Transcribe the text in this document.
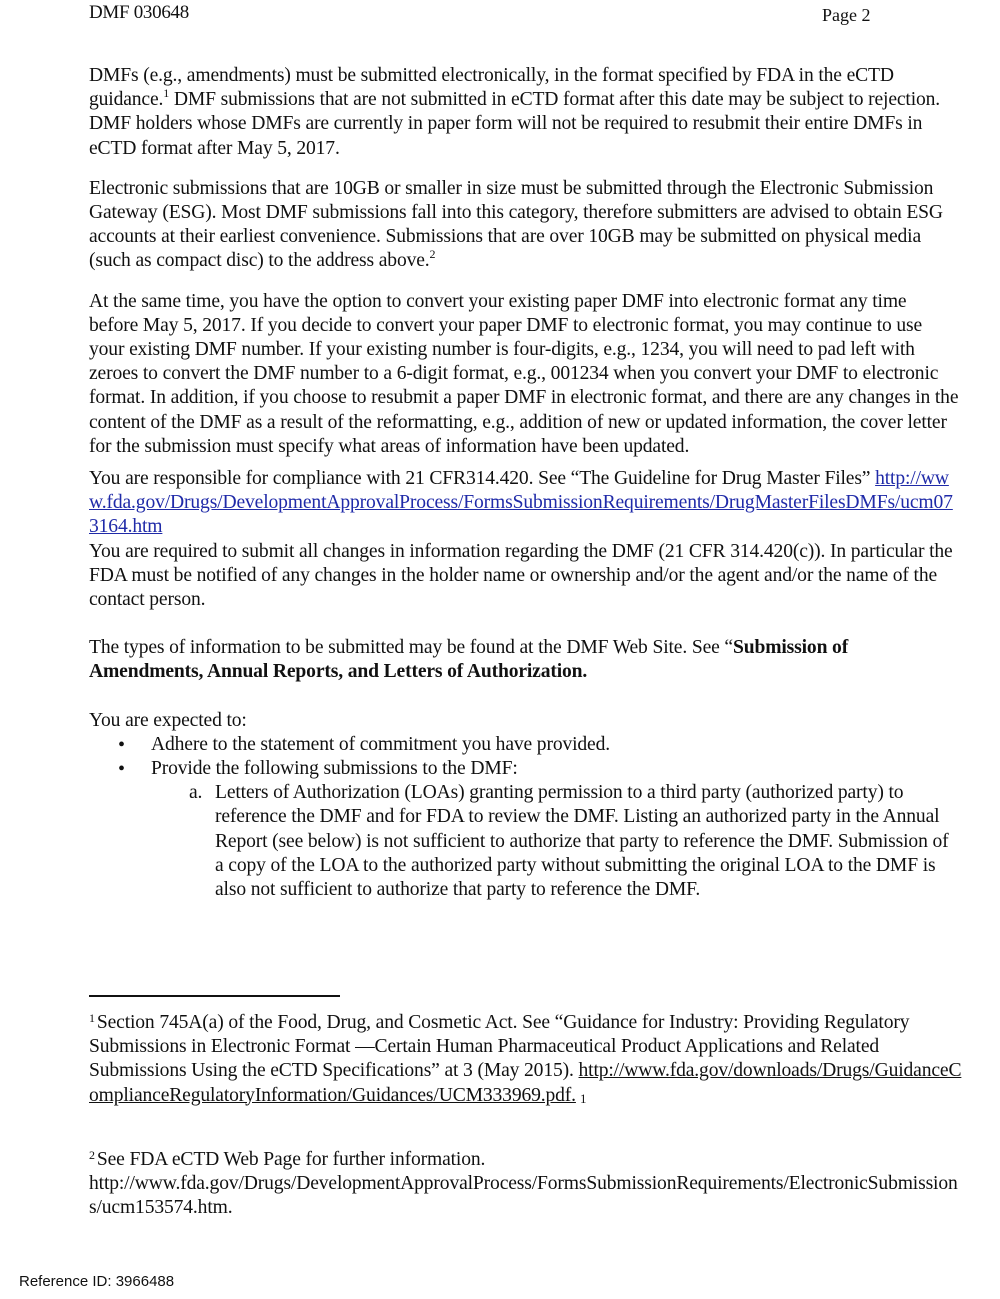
DMF 030648	Page 2

DMFs (e.g., amendments) must be submitted electronically, in the format specified by FDA in the eCTD guidance.$^1$ DMF submissions that are not submitted in eCTD format after this date may be subject to rejection. DMF holders whose DMFs are currently in paper form will not be required to resubmit their entire DMFs in eCTD format after May 5, 2017.

Electronic submissions that are 10GB or smaller in size must be submitted through the Electronic Submission Gateway (ESG). Most DMF submissions fall into this category, therefore submitters are advised to obtain ESG accounts at their earliest convenience. Submissions that are over 10GB may be submitted on physical media (such as compact disc) to the address above.$^2$

At the same time, you have the option to convert your existing paper DMF into electronic format any time before May 5, 2017. If you decide to convert your paper DMF to electronic format, you may continue to use your existing DMF number. If your existing number is four-digits, e.g., 1234, you will need to pad left with zeroes to convert the DMF number to a 6-digit format, e.g., 001234 when you convert your DMF to electronic format. In addition, if you choose to resubmit a paper DMF in electronic format, and there are any changes in the content of the DMF as a result of the reformatting, e.g., addition of new or updated information, the cover letter for the submission must specify what areas of information have been updated.

You are responsible for compliance with 21 CFR314.420. See “The Guideline for Drug Master Files” http://www.fda.gov/Drugs/DevelopmentApprovalProcess/FormsSubmissionRequirements/DrugMasterFilesDMFs/ucm073164.htm

You are required to submit all changes in information regarding the DMF (21 CFR 314.420(c)). In particular the FDA must be notified of any changes in the holder name or ownership and/or the agent and/or the name of the contact person.

The types of information to be submitted may be found at the DMF Web Site. See “Submission of Amendments, Annual Reports, and Letters of Authorization.

You are expected to:

• Adhere to the statement of commitment you have provided.
• Provide the following submissions to the DMF:
a. Letters of Authorization (LOAs) granting permission to a third party (authorized party) to reference the DMF and for FDA to review the DMF. Listing an authorized party in the Annual Report (see below) is not sufficient to authorize that party to reference the DMF. Submission of a copy of the LOA to the authorized party without submitting the original LOA to the DMF is also not sufficient to authorize that party to reference the DMF.

$^1$ Section 745A(a) of the Food, Drug, and Cosmetic Act. See “Guidance for Industry: Providing Regulatory Submissions in Electronic Format —Certain Human Pharmaceutical Product Applications and Related Submissions Using the eCTD Specifications” at 3 (May 2015). http://www.fda.gov/downloads/Drugs/GuidanceComplianceRegulatoryInformation/Guidances/UCM333969.pdf. 1

$^2$ See FDA eCTD Web Page for further information.
http://www.fda.gov/Drugs/DevelopmentApprovalProcess/FormsSubmissionRequirements/ElectronicSubmissions/ucm153574.htm.

Reference ID: 3966488
